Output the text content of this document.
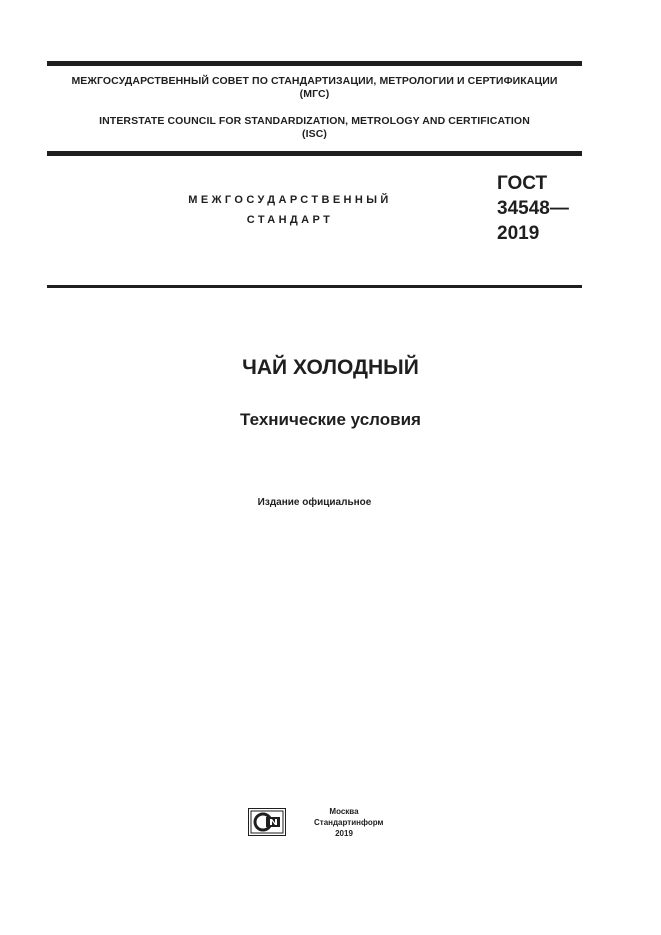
МЕЖГОСУДАРСТВЕННЫЙ СОВЕТ ПО СТАНДАРТИЗАЦИИ, МЕТРОЛОГИИ И СЕРТИФИКАЦИИ
(МГС)
INTERSTATE COUNCIL FOR STANDARDIZATION, METROLOGY AND CERTIFICATION
(ISC)
МЕЖГОСУДАРСТВЕННЫЙ
СТАНДАРТ
ГОСТ
34548—
2019
ЧАЙ ХОЛОДНЫЙ
Технические условия
Издание официальное
Москва
Стандартинформ
2019
